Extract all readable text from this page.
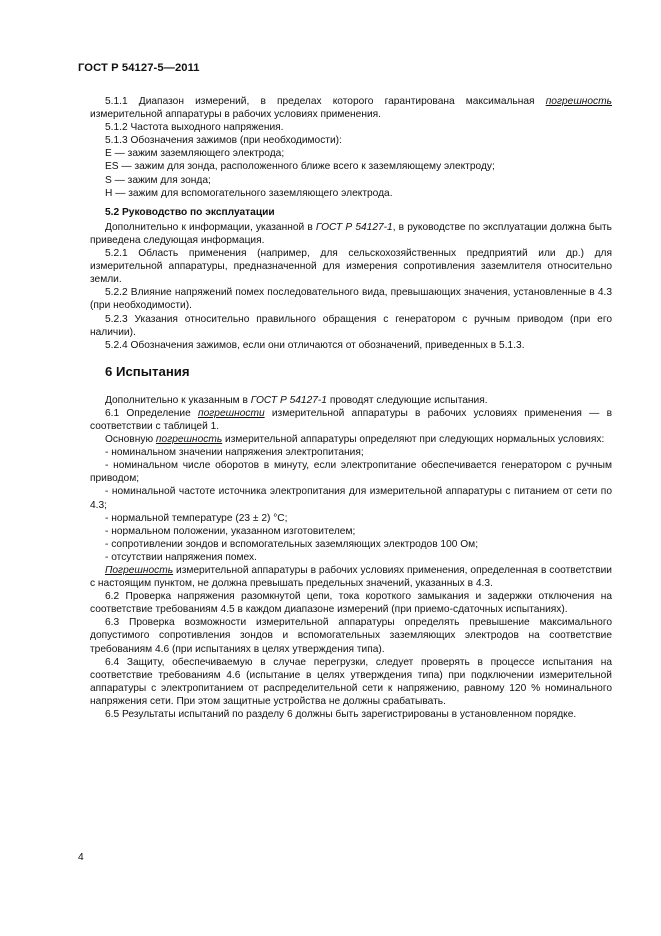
ГОСТ Р 54127-5—2011

5.1.1 Диапазон измерений, в пределах которого гарантирована максимальная погрешность измерительной аппаратуры в рабочих условиях применения.

5.1.2 Частота выходного напряжения.

5.1.3 Обозначения зажимов (при необходимости):

Е — зажим заземляющего электрода;

ES — зажим для зонда, расположенного ближе всего к заземляющему электроду;

S — зажим для зонда;

Н — зажим для вспомогательного заземляющего электрода.

5.2 Руководство по эксплуатации

Дополнительно к информации, указанной в ГОСТ Р 54127-1, в руководстве по эксплуатации должна быть приведена следующая информация.

5.2.1 Область применения (например, для сельскохозяйственных предприятий или др.) для измерительной аппаратуры, предназначенной для измерения сопротивления заземлителя относительно земли.

5.2.2 Влияние напряжений помех последовательного вида, превышающих значения, установленные в 4.3 (при необходимости).

5.2.3 Указания относительно правильного обращения с генератором с ручным приводом (при его наличии).

5.2.4 Обозначения зажимов, если они отличаются от обозначений, приведенных в 5.1.3.

6 Испытания

Дополнительно к указанным в ГОСТ Р 54127-1 проводят следующие испытания.

6.1 Определение погрешности измерительной аппаратуры в рабочих условиях применения — в соответствии с таблицей 1.

Основную погрешность измерительной аппаратуры определяют при следующих нормальных условиях:

- номинальном значении напряжения электропитания;

- номинальном числе оборотов в минуту, если электропитание обеспечивается генератором с ручным приводом;

- номинальной частоте источника электропитания для измерительной аппаратуры с питанием от сети по 4.3;

- нормальной температуре (23 ± 2) °С;

- нормальном положении, указанном изготовителем;

- сопротивлении зондов и вспомогательных заземляющих электродов 100 Ом;

- отсутствии напряжения помех.

Погрешность измерительной аппаратуры в рабочих условиях применения, определенная в соответствии с настоящим пунктом, не должна превышать предельных значений, указанных в 4.3.

6.2 Проверка напряжения разомкнутой цепи, тока короткого замыкания и задержки отключения на соответствие требованиям 4.5 в каждом диапазоне измерений (при приемо-сдаточных испытаниях).

6.3 Проверка возможности измерительной аппаратуры определять превышение максимального допустимого сопротивления зондов и вспомогательных заземляющих электродов на соответствие требованиям 4.6 (при испытаниях в целях утверждения типа).

6.4 Защиту, обеспечиваемую в случае перегрузки, следует проверять в процессе испытания на соответствие требованиям 4.6 (испытание в целях утверждения типа) при подключении измерительной аппаратуры с электропитанием от распределительной сети к напряжению, равному 120 % номинального напряжения сети. При этом защитные устройства не должны срабатывать.

6.5 Результаты испытаний по разделу 6 должны быть зарегистрированы в установленном порядке.

4
